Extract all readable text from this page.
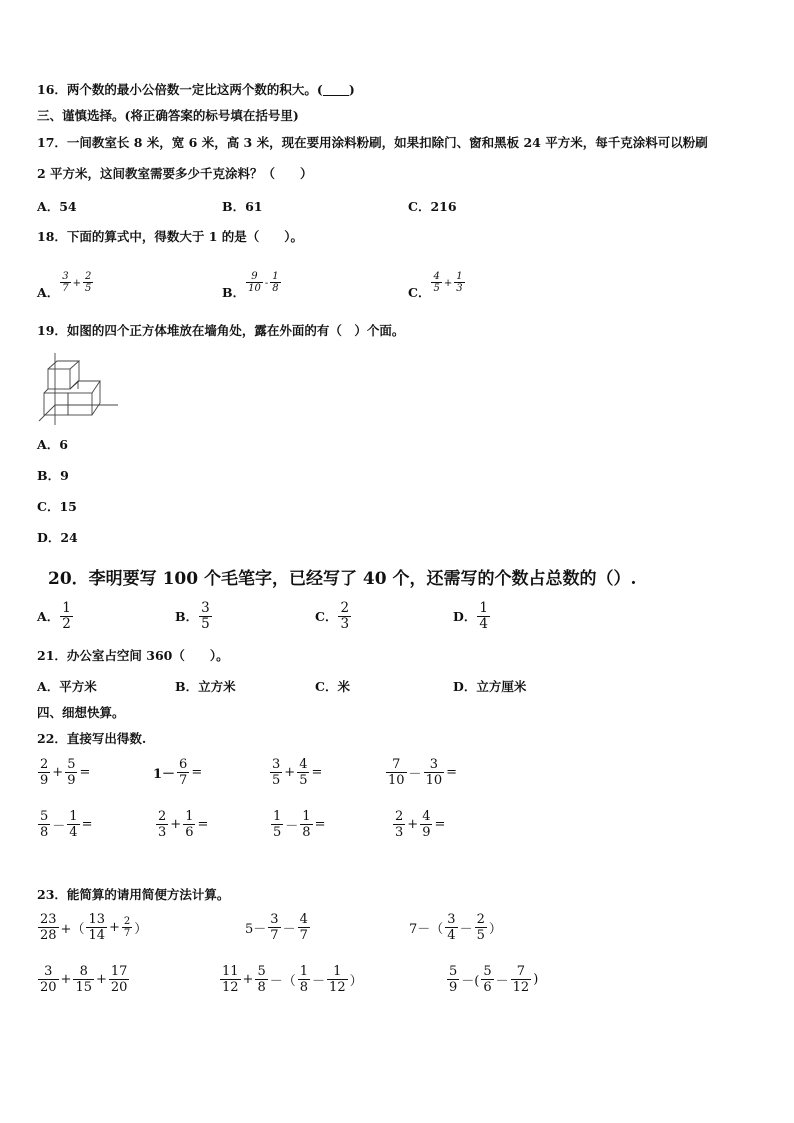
16．两个数的最小公倍数一定比这两个数的积大。( )
三、谨慎选择。(将正确答案的标号填在括号里)
17．一间教室长 8 米，宽 6 米，高 3 米，现在要用涂料粉刷，如果扣除门、窗和黑板 24 平方米，每千克涂料可以粉刷
2 平方米，这间教室需要多少千克涂料？（　　）
A．54	B．61	C．216
18．下面的算式中，得数大于 1 的是（　　）。
A． $\frac{3}{7} + \frac{2}{5}$	B． $\frac{9}{10} - \frac{1}{8}$	C． $\frac{4}{5} + \frac{1}{3}$
19．如图的四个正方体堆放在墙角处，露在外面的有（　）个面。
A．6
B．9
C．15
D．24
20．李明要写 100 个毛笔字，已经写了 40 个，还需写的个数占总数的（）.
A． $\frac{1}{2}$	B． $\frac{3}{5}$	C． $\frac{2}{3}$	D． $\frac{1}{4}$
21．办公室占空间 360（　　）。
A．平方米	B．立方米	C．米	D．立方厘米
四、细想快算。
22．直接写出得数.
$\frac{2}{9} + \frac{5}{9}$ =	$1- \frac{6}{7}$ =	$\frac{3}{5} + \frac{4}{5}$ =	$\frac{7}{10} - \frac{3}{10}$ =
$\frac{5}{8} - \frac{1}{4}$ =	$\frac{2}{3} + \frac{1}{6}$ =	$\frac{1}{5} - \frac{1}{8}$ =	$\frac{2}{3} + \frac{4}{9}$ =
23．能简算的请用简便方法计算。
$\frac{23}{28}$ +（ $\frac{13}{14} + \frac{2}{7}$ ）	$5- \frac{3}{7} - \frac{4}{7}$	$7-( \frac{3}{4} - \frac{2}{5}$ ）
$\frac{3}{20} + \frac{8}{15} + \frac{17}{20}$	$\frac{11}{12} + \frac{5}{8}$ －（ $\frac{1}{8} - \frac{1}{12}$ ）	$\frac{5}{9}$ －( $\frac{5}{6} - \frac{7}{12}$ )
